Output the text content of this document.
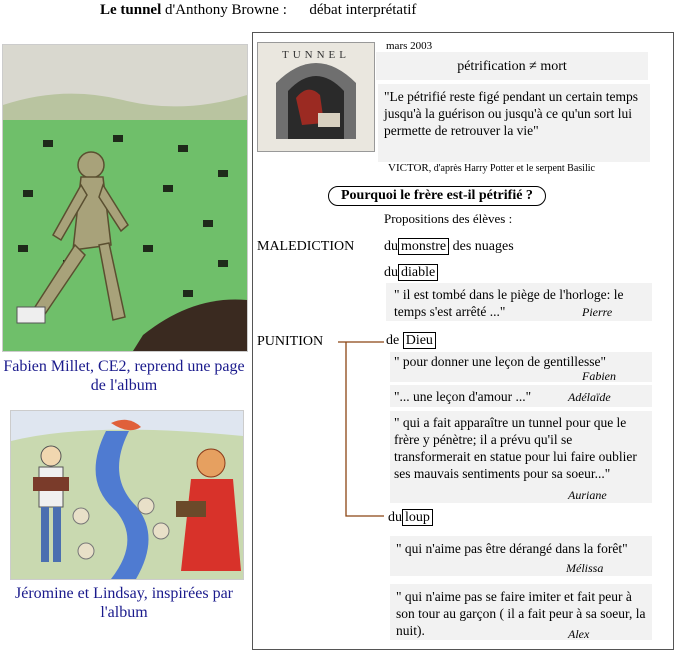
Le tunnel d'Anthony Browne : débat interprétatif
Fabien Millet, CE2, reprend une page de l'album
Jéromine et Lindsay, inspirées par l'album
TUNNEL
mars 2003
pétrification ≠ mort
"Le pétrifié reste figé pendant un certain temps jusqu'à la guérison ou jusqu'à ce qu'un sort lui permette de retrouver la vie"
VICTOR, d'après Harry Potter et le serpent Basilic
Pourquoi le frère est-il pétrifié ?
Propositions des élèves :
MALEDICTION du monstre des nuages
du diable
" il est tombé dans le piège de l'horloge: le temps s'est arrêté ..."	Pierre
PUNITION	de Dieu
" pour donner une leçon de gentillesse"
Fabien
"... une leçon d'amour ..."	Adélaïde
" qui a fait apparaître un tunnel pour que le frère y pénètre; il a prévu qu'il se transformerait en statue pour lui faire oublier ses mauvais sentiments pour sa soeur..."
Auriane
du loup
" qui n'aime pas être dérangé dans la forêt"
Mélissa
" qui n'aime pas se faire imiter et fait peur à son tour au garçon ( il a fait peur à sa soeur, la nuit).	Alex
